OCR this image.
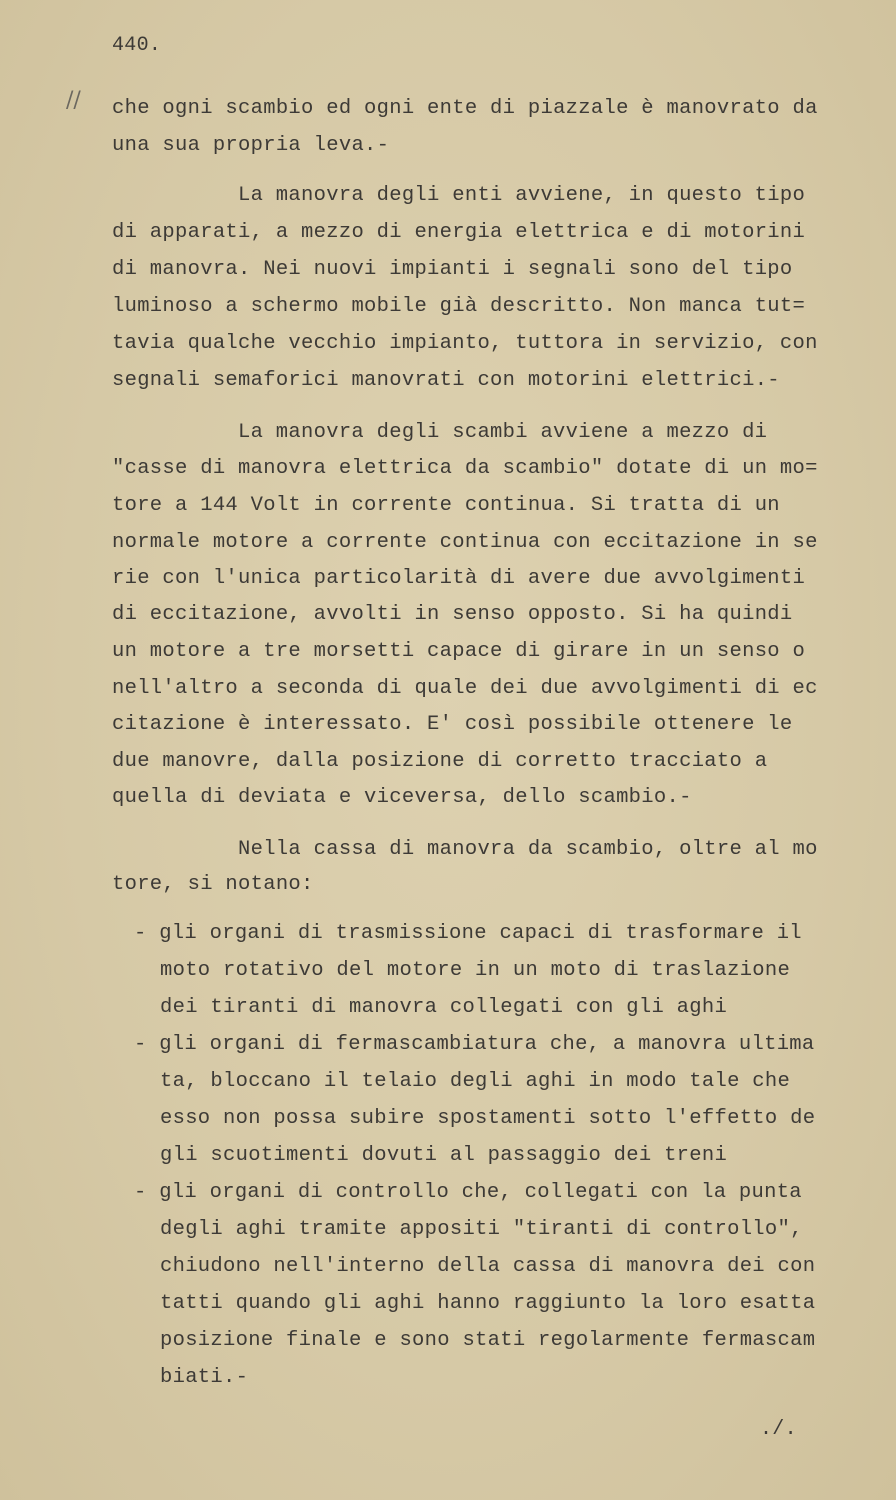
440.
// che ogni scambio ed ogni ente di piazzale è manovrato da
una sua propria leva.-
La manovra degli enti avviene, in questo tipo
di apparati, a mezzo di energia elettrica e di motorini
di manovra. Nei nuovi impianti i segnali sono del tipo
luminoso a schermo mobile già descritto. Non manca tut=
tavia qualche vecchio impianto, tuttora in servizio, con
segnali semaforici manovrati con motorini elettrici.-
La manovra degli scambi avviene a mezzo di
"casse di manovra elettrica da scambio" dotate di un mo=
tore a 144 Volt in corrente continua. Si tratta di un
normale motore a corrente continua con eccitazione in se
rie con l'unica particolarità di avere due avvolgimenti
di eccitazione, avvolti in senso opposto. Si ha quindi
un motore a tre morsetti capace di girare in un senso o
nell'altro a seconda di quale dei due avvolgimenti di ec
citazione è interessato. E' così possibile ottenere le
due manovre, dalla posizione di corretto tracciato a
quella di deviata e viceversa, dello scambio.-
Nella cassa di manovra da scambio, oltre al mo
tore, si notano:
- gli organi di trasmissione capaci di trasformare il
moto rotativo del motore in un moto di traslazione
dei tiranti di manovra collegati con gli aghi
- gli organi di fermascambiatura che, a manovra ultima
ta, bloccano il telaio degli aghi in modo tale che
esso non possa subire spostamenti sotto l'effetto de
gli scuotimenti dovuti al passaggio dei treni
- gli organi di controllo che, collegati con la punta
degli aghi tramite appositi "tiranti di controllo",
chiudono nell'interno della cassa di manovra dei con
tatti quando gli aghi hanno raggiunto la loro esatta
posizione finale e sono stati regolarmente fermascam
biati.-
./.
